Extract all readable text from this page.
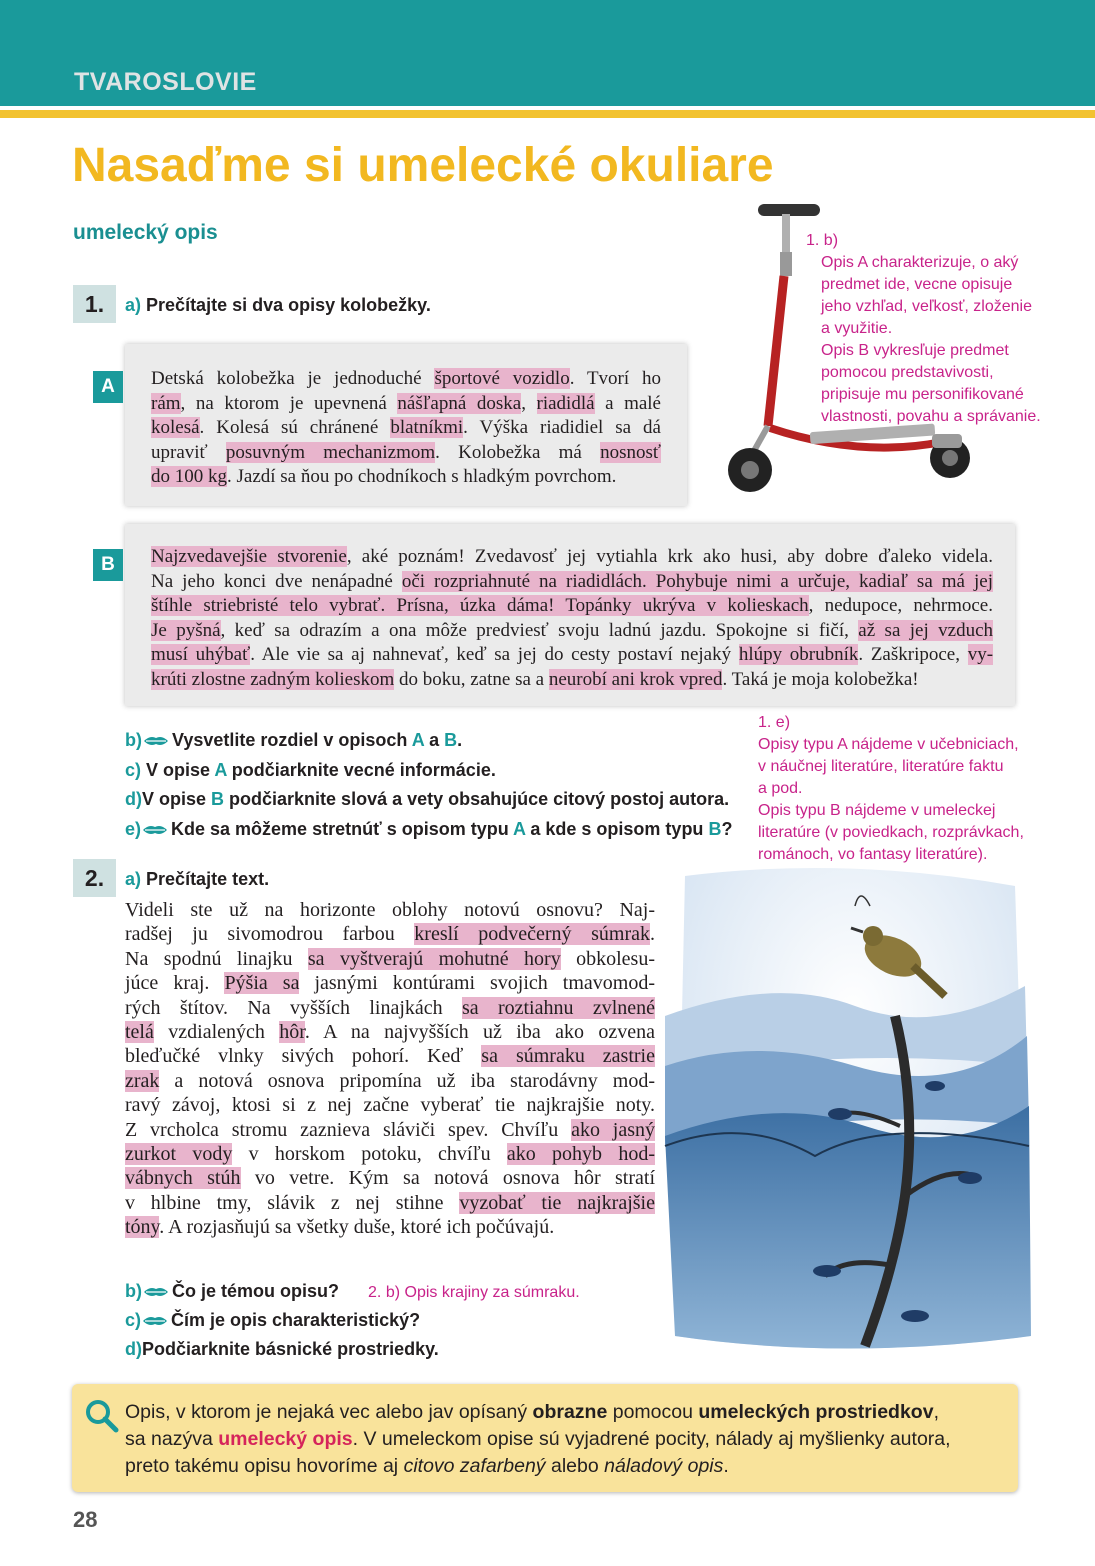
TVAROSLOVIE
Nasaďme si umelecké okuliare
umelecký opis
1.	a) Prečítajte si dva opisy kolobežky.
A	Detská kolobežka je jednoduché športové vozidlo. Tvorí ho
rám, na ktorom je upevnená nášľapná doska, riadidlá a malé
kolesá. Kolesá sú chránené blatníkmi. Výška riadidiel sa dá
upraviť posuvným mechanizmom. Kolobežka má nosnosť
do 100 kg. Jazdí sa ňou po chodníkoch s hladkým povrchom.
1. b)
Opis A charakterizuje, o aký
predmet ide, vecne opisuje
jeho vzhľad, veľkosť, zloženie
a využitie.
Opis B vykresľuje predmet
pomocou predstavivosti,
pripisuje mu personifikované
vlastnosti, povahu a správanie.
B	Najzvedavejšie stvorenie, aké poznám! Zvedavosť jej vytiahla krk ako husi, aby dobre ďaleko videla.
Na jeho konci dve nenápadné oči rozpriahnuté na riadidlách. Pohybuje nimi a určuje, kadiaľ sa má jej
štíhle striebristé telo vybrať. Prísna, úzka dáma! Topánky ukrýva v kolieskach, nedupoce, nehrmoce.
Je pyšná, keď sa odrazím a ona môže predviesť svoju ladnú jazdu. Spokojne si fičí, až sa jej vzduch
musí uhýbať. Ale vie sa aj nahnevať, keď sa jej do cesty postaví nejaký hlúpy obrubník. Zaškripoce, vy-
krúti zlostne zadným kolieskom do boku, zatne sa a neurobí ani krok vpred. Taká je moja kolobežka!
b) Vysvetlite rozdiel v opisoch A a B.
c) V opise A podčiarknite vecné informácie.
d)V opise B podčiarknite slová a vety obsahujúce citový postoj autora.
e) Kde sa môžeme stretnúť s opisom typu A a kde s opisom typu B?
1. e)
Opisy typu A nájdeme v učebniciach,
v náučnej literatúre, literatúre faktu
a pod.
Opis typu B nájdeme v umeleckej
literatúre (v poviedkach, rozprávkach,
románoch, vo fantasy literatúre).
2.	a) Prečítajte text.
Videli ste už na horizonte oblohy notovú osnovu? Naj-
radšej ju sivomodrou farbou kreslí podvečerný súmrak.
Na spodnú linajku sa vyštverajú mohutné hory obkolesu-
júce kraj. Pýšia sa jasnými kontúrami svojich tmavomod-
rých štítov. Na vyšších linajkách sa roztiahnu zvlnené
telá vzdialených hôr. A na najvyšších už iba ako ozvena
bleďučké vlnky sivých pohorí. Keď sa súmraku zastrie
zrak a notová osnova pripomína už iba starodávny mod-
ravý závoj, ktosi si z nej začne vyberať tie najkrajšie noty.
Z vrcholca stromu zaznieva sláviči spev. Chvíľu ako jasný
zurkot vody v horskom potoku, chvíľu ako pohyb hod-
vábnych stúh vo vetre. Kým sa notová osnova hôr stratí
v hlbine tmy, slávik z nej stihne vyzobať tie najkrajšie
tóny. A rozjasňujú sa všetky duše, ktoré ich počúvajú.
b) Čo je témou opisu? 2. b) Opis krajiny za súmraku.
c) Čím je opis charakteristický?
d)Podčiarknite básnické prostriedky.
Opis, v ktorom je nejaká vec alebo jav opísaný obrazne pomocou umeleckých prostriedkov,
sa nazýva umelecký opis. V umeleckom opise sú vyjadrené pocity, nálady aj myšlienky autora,
preto takému opisu hovoríme aj citovo zafarbený alebo náladový opis.
28
